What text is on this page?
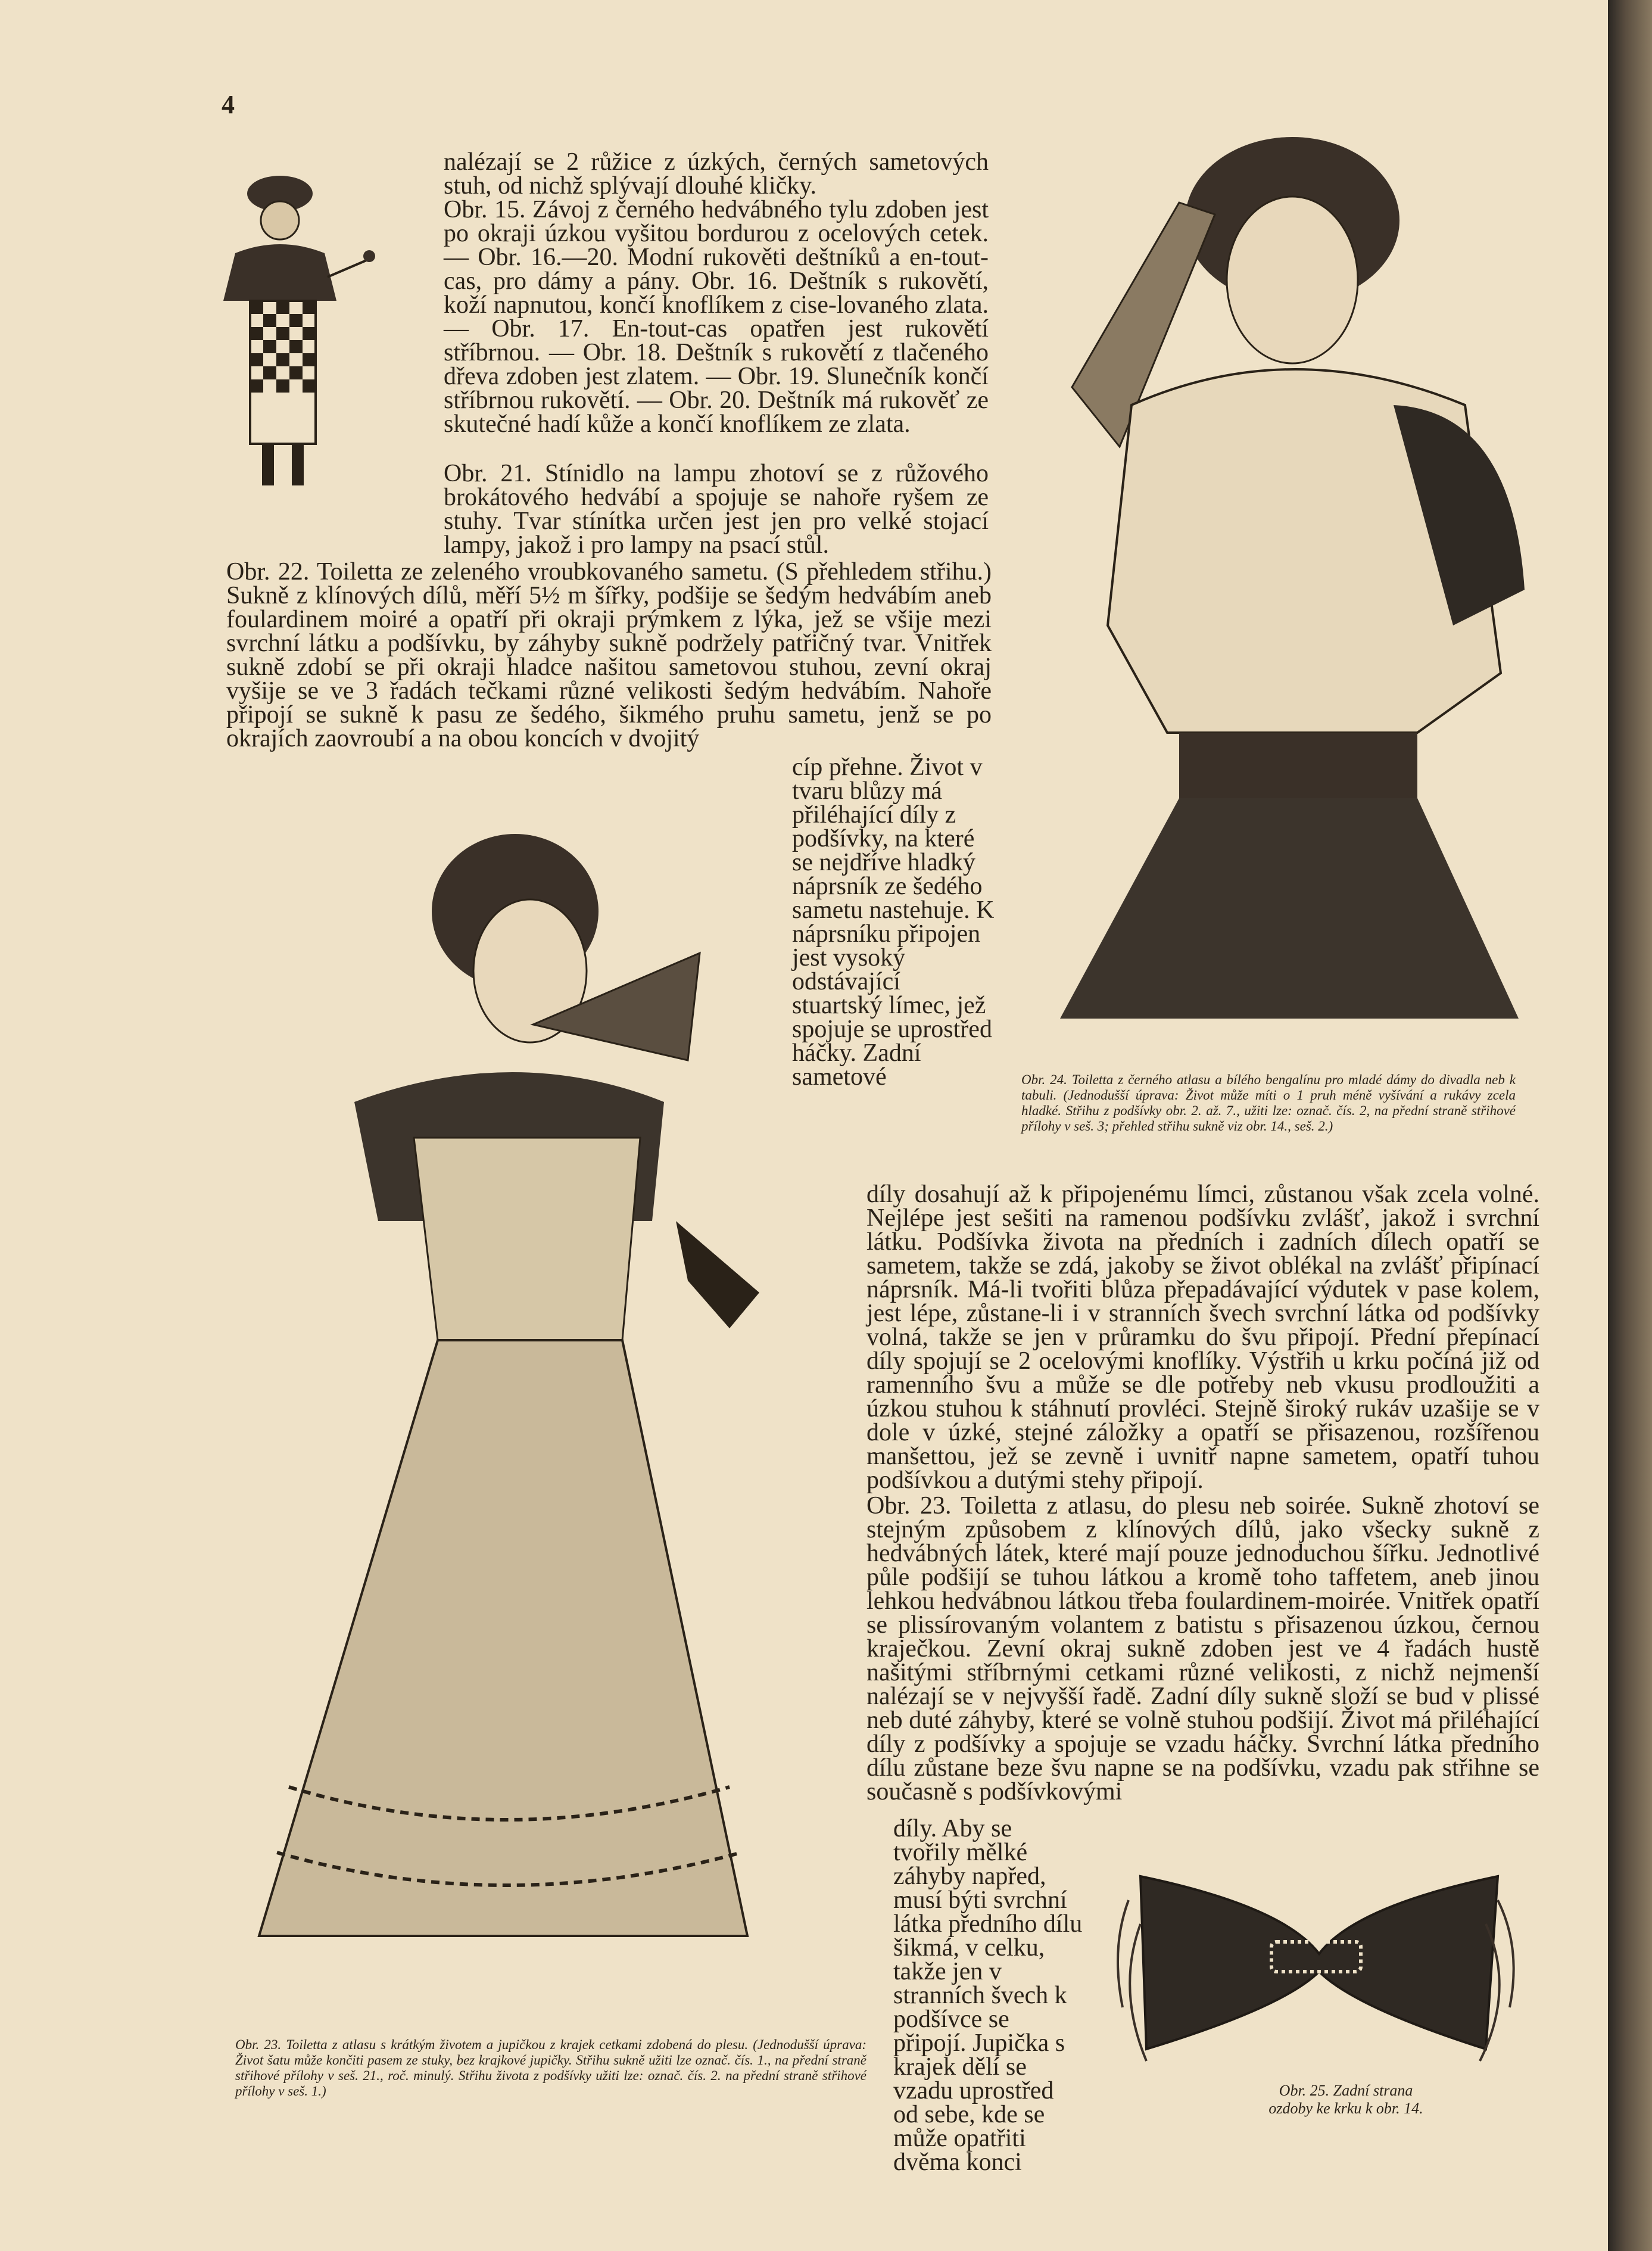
4

nalézají se 2 růžice z úzkých, černých sametových stuh, od nichž splývají dlouhé kličky.

Obr. 15. Závoj z černého hedvábného tylu zdoben jest po okraji úzkou vyšitou bordurou z ocelových cetek. — Obr. 16.—20. Modní rukověti deštníků a en-tout-cas, pro dámy a pány. Obr. 16. Deštník s rukovětí, koží napnutou, končí knoflíkem z cise-lovaného zlata. — Obr. 17. En-tout-cas opatřen jest rukovětí stříbrnou. — Obr. 18. Deštník s rukovětí z tlačeného dřeva zdoben jest zlatem. — Obr. 19. Slunečník končí stříbrnou rukovětí. — Obr. 20. Deštník má rukověť ze skutečné hadí kůže a končí knoflíkem ze zlata.

Obr. 21. Stínidlo na lampu zhotoví se z růžového brokátového hedvábí a spojuje se nahoře ryšem ze stuhy. Tvar stínítka určen jest jen pro velké stojací lampy, jakož i pro lampy na psací stůl.

Obr. 22. Toiletta ze zeleného vroubkovaného sametu. (S přehledem střihu.) Sukně z klínových dílů, měří 5½ m šířky, podšije se šedým hedvábím aneb foulardinem moiré a opatří při okraji prýmkem z lýka, jež se všije mezi svrchní látku a podšívku, by záhyby sukně podržely patřičný tvar. Vnitřek sukně zdobí se při okraji hladce našitou sametovou stuhou, zevní okraj vyšije se ve 3 řadách tečkami různé velikosti šedým hedvábím. Nahoře připojí se sukně k pasu ze šedého, šikmého pruhu sametu, jenž se po okrajích zaovroubí a na obou koncích v dvojitý

cíp přehne. Život v tvaru blůzy má přiléhající díly z podšívky, na které se nejdříve hladký náprsník ze šedého sametu nastehuje. K náprsníku připojen jest vysoký odstávající stuartský límec, jež spojuje se uprostřed háčky. Zadní sametové

Obr. 23. Toiletta z atlasu s krátkým životem a jupičkou z krajek cetkami zdobená do plesu. (Jednodušší úprava: Život šatu může končiti pasem ze stuky, bez krajkové jupičky. Střihu sukně užiti lze označ. čís. 1., na přední straně střihové přílohy v seš. 21., roč. minulý. Střihu života z podšívky užiti lze: označ. čís. 2. na přední straně střihové přílohy v seš. 1.)

Obr. 24. Toiletta z černého atlasu a bílého bengalínu pro mladé dámy do divadla neb k tabuli. (Jednodušší úprava: Život může míti o 1 pruh méně vyšívání a rukávy zcela hladké. Střihu z podšívky obr. 2. až. 7., užiti lze: označ. čís. 2, na přední straně střihové přílohy v seš. 3; přehled střihu sukně viz obr. 14., seš. 2.)

díly dosahují až k připojenému límci, zůstanou však zcela volné. Nejlépe jest sešiti na ramenou podšívku zvlášť, jakož i svrchní látku. Podšívka života na předních i zadních dílech opatří se sametem, takže se zdá, jakoby se život oblékal na zvlášť připínací náprsník. Má-li tvořiti blůza přepadávající výdutek v pase kolem, jest lépe, zůstane-li i v stranních švech svrchní látka od podšívky volná, takže se jen v průramku do švu připojí. Přední přepínací díly spojují se 2 ocelovými knoflíky. Výstřih u krku počíná již od ramenního švu a může se dle potřeby neb vkusu prodloužiti a úzkou stuhou k stáhnutí provléci. Stejně široký rukáv uzašije se v dole v úzké, stejné záložky a opatří se přisazenou, rozšířenou manšettou, jež se zevně i uvnitř napne sametem, opatří tuhou podšívkou a dutými stehy připojí.

Obr. 23. Toiletta z atlasu, do plesu neb soirée. Sukně zhotoví se stejným způsobem z klínových dílů, jako všecky sukně z hedvábných látek, které mají pouze jednoduchou šířku. Jednotlivé půle podšijí se tuhou látkou a kromě toho taffetem, aneb jinou lehkou hedvábnou látkou třeba foulardinem-moirée. Vnitřek opatří se plissírovaným volantem z batistu s přisazenou úzkou, černou kraječkou. Zevní okraj sukně zdoben jest ve 4 řadách hustě našitými stříbrnými cetkami různé velikosti, z nichž nejmenší nalézají se v nejvyšší řadě. Zadní díly sukně složí se bud v plissé neb duté záhyby, které se volně stuhou podšijí. Život má přiléhající díly z podšívky a spojuje se vzadu háčky. Svrchní látka předního dílu zůstane beze švu napne se na podšívku, vzadu pak střihne se současně s podšívkovými

díly. Aby se tvořily mělké záhyby napřed, musí býti svrchní látka předního dílu šikmá, v celku, takže jen v stranních švech k podšívce se připojí. Jupička s krajek dělí se vzadu uprostřed od sebe, kde se může opatřiti dvěma konci

Obr. 25. Zadní strana

ozdoby ke krku k obr. 14.
